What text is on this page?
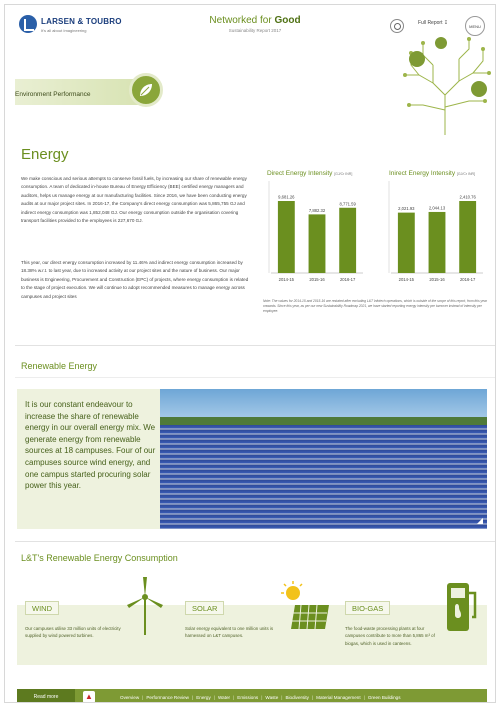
LARSEN & TOUBRO
It's all about Imagineering
Networked for Good
Sustainability Report 2017
Full Report ↧
MENU
Environment Performance
Energy
We make conscious and serious attempts to conserve fossil fuels, by increasing our share of renewable energy consumption. A team of dedicated in-house Bureau of Energy Efficiency (BEE) certified energy managers and auditors, helps us manage energy at our manufacturing facilities. Since 2016, we have been conducting energy audits at our major project sites. In 2016-17, the Company's direct energy consumption was 5,865,755 GJ and indirect energy consumption was 1,852,048 GJ. Our energy consumption outside the organisation covering transport facilities provided to the employees is 227,670 GJ.
This year, our direct energy consumption increased by 11.46% and indirect energy consumption increased by 18.38% w.r.t. to last year, due to increased activity at our project sites and the nature of business. Our major business is Engineering, Procurement and Construction (EPC) of projects, where energy consumption is related to the stage of project execution. We will continue to adopt recommended measures to manage energy across campuses and project sites
Direct Energy Intensity [GJ/Cr INR]
9,681.26
2014-15
7,882.32
2015-16
8,771.59
2016-17
Inirect Energy Intensity [GJ/Cr INR]
2,021.93
2014-15
2,044.13
2015-16
2,410.76
2016-17
Note: The values for 2014-15 and 2015-16 are restated after excluding L&T Infotech operations, which is outside of the scope of this report, from this year onwards. Since this year, as per our new Sustainability Roadmap 2021, we have started reporting energy intensity per turnover instead of intensity per employee.
Renewable Energy
It is our constant endeavour to increase the share of renewable energy in our overall energy mix. We generate energy from renewable sources at 18 campuses. Four of our campuses source wind energy, and one campus started procuring solar power this year.
◢
L&T's Renewable Energy Consumption
WIND
Our campuses utilise 33 million units of electricity supplied by wind powered turbines.
SOLAR
Solar energy equivalent to one million units is harnessed on L&T campuses.
BIO-GAS
The food-waste processing plants at four campuses contribute to more than 5,865 m³ of biogas, which is used in canteens.
Read more	▲	Overview | Performance Review | Energy | Water | Emissions | Waste | Biodiversity | Material Management | Green Buildings
